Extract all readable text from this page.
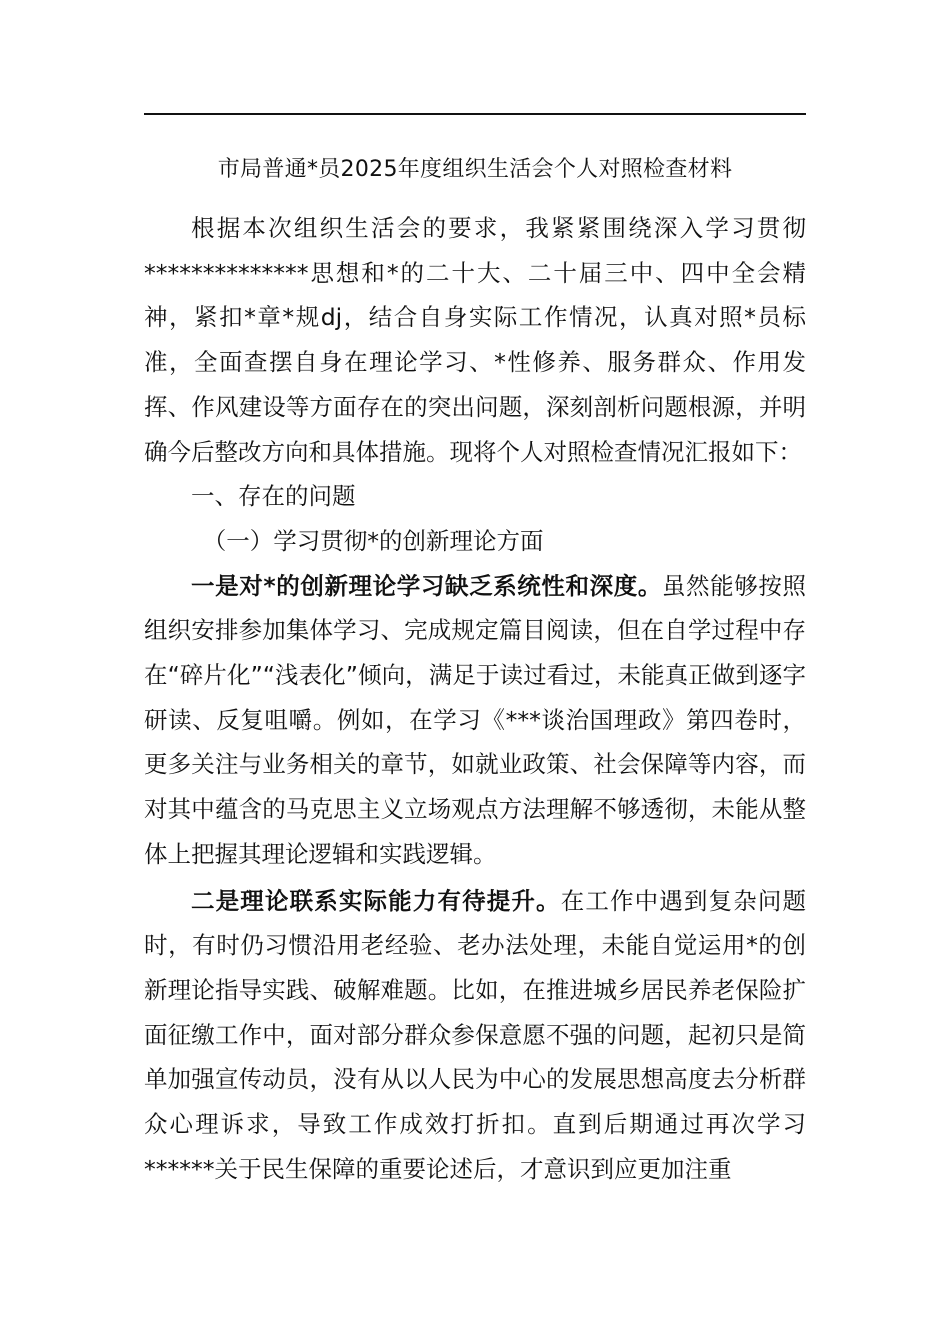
市局普通*员2025年度组织生活会个人对照检查材料

根据本次组织生活会的要求，我紧紧围绕深入学习贯彻**************思想和*的二十大、二十届三中、四中全会精神，紧扣*章*规dj，结合自身实际工作情况，认真对照*员标准，全面查摆自身在理论学习、*性修养、服务群众、作用发挥、作风建设等方面存在的突出问题，深刻剖析问题根源，并明确今后整改方向和具体措施。现将个人对照检查情况汇报如下：

一、存在的问题

（一）学习贯彻*的创新理论方面

一是对*的创新理论学习缺乏系统性和深度。虽然能够按照组织安排参加集体学习、完成规定篇目阅读，但在自学过程中存在“碎片化”“浅表化”倾向，满足于读过看过，未能真正做到逐字研读、反复咀嚼。例如，在学习《***谈治国理政》第四卷时，更多关注与业务相关的章节，如就业政策、社会保障等内容，而对其中蕴含的马克思主义立场观点方法理解不够透彻，未能从整体上把握其理论逻辑和实践逻辑。

二是理论联系实际能力有待提升。在工作中遇到复杂问题时，有时仍习惯沿用老经验、老办法处理，未能自觉运用*的创新理论指导实践、破解难题。比如，在推进城乡居民养老保险扩面征缴工作中，面对部分群众参保意愿不强的问题，起初只是简单加强宣传动员，没有从以人民为中心的发展思想高度去分析群众心理诉求，导致工作成效打折扣。直到后期通过再次学习******关于民生保障的重要论述后，才意识到应更加注重
